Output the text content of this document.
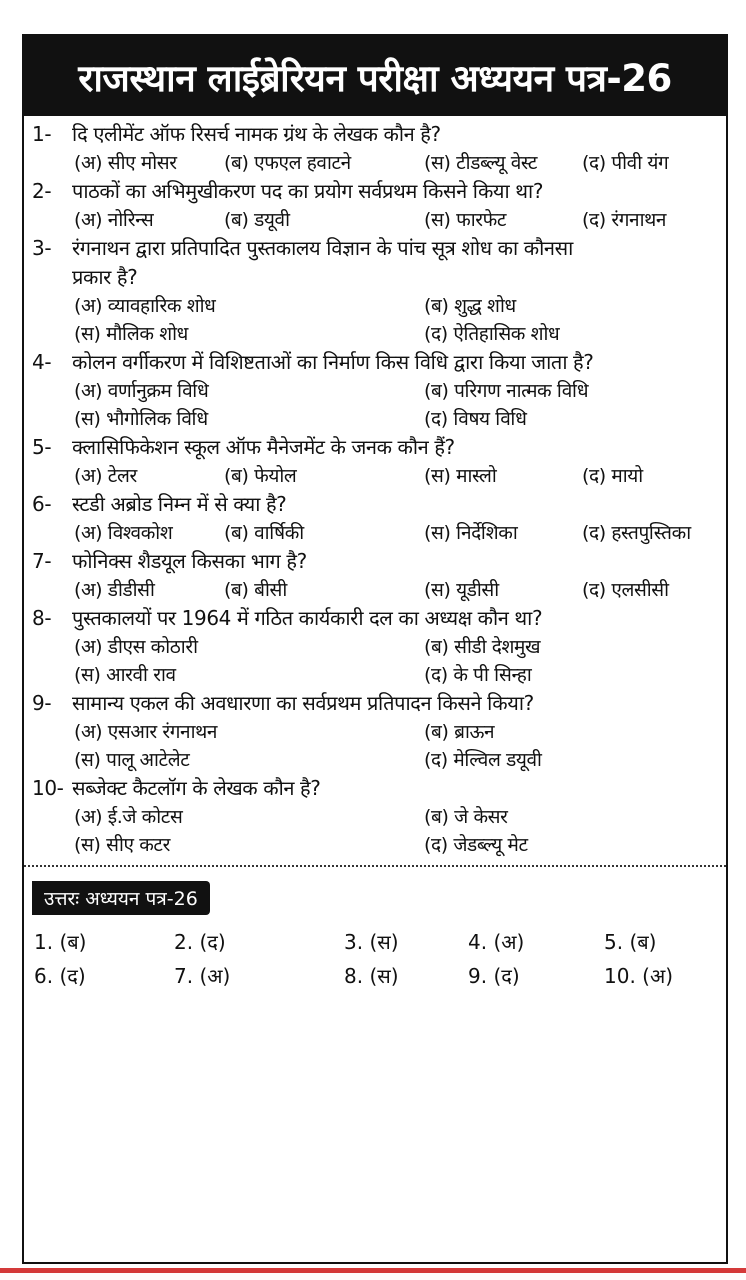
राजस्थान लाईब्रेरियन परीक्षा अध्ययन पत्र-26
1-	दि एलीमेंट ऑफ रिसर्च नामक ग्रंथ के लेखक कौन है?
(अ) सीए मोसर (ब) एफएल हवाटने	(स) टीडब्ल्यू वेस्ट (द) पीवी यंग
2-	पाठकों का अभिमुखीकरण पद का प्रयोग सर्वप्रथम किसने किया था?
(अ) नोरिन्स	(ब) डयूवी	(स) फारफेट	(द) रंगनाथन
3-	रंगनाथन द्वारा प्रतिपादित पुस्तकालय विज्ञान के पांच सूत्र शोध का कौनसा
प्रकार है?
(अ) व्यावहारिक शोध	(ब) शुद्ध शोध
(स) मौलिक शोध	(द) ऐतिहासिक शोध
4-	कोलन वर्गीकरण में विशिष्टताओं का निर्माण किस विधि द्वारा किया जाता है?
(अ) वर्णानुक्रम विधि	(ब) परिगण नात्मक विधि
(स) भौगोलिक विधि	(द) विषय विधि
5-	क्लासिफिकेशन स्कूल ऑफ मैनेजमेंट के जनक कौन हैं?
(अ) टेलर	(ब) फेयोल	(स) मास्लो	(द) मायो
6-	स्टडी अब्रोड निम्न में से क्या है?
(अ) विश्वकोश	(ब) वार्षिकी	(स) निर्देशिका	(द) हस्तपुस्तिका
7-	फोनिक्स शैडयूल किसका भाग है?
(अ) डीडीसी	(ब) बीसी	(स) यूडीसी	(द) एलसीसी
8-	पुस्तकालयों पर 1964 में गठित कार्यकारी दल का अध्यक्ष कौन था?
(अ) डीएस कोठारी	(ब) सीडी देशमुख
(स) आरवी राव	(द) के पी सिन्हा
9-	सामान्य एकल की अवधारणा का सर्वप्रथम प्रतिपादन किसने किया?
(अ) एसआर रंगनाथन	(ब) ब्राऊन
(स) पालू आटेलेट	(द) मेल्विल डयूवी
10- सब्जेक्ट कैटलॉग के लेखक कौन है?
(अ) ई.जे कोटस	(ब) जे केसर
(स) सीए कटर	(द) जेडब्ल्यू मेट
उत्तरः अध्ययन पत्र-26
1. (ब)	2. (द)	3. (स)	4. (अ)	5. (ब)
6. (द)	7. (अ)	8. (स)	9. (द)	10. (अ)
